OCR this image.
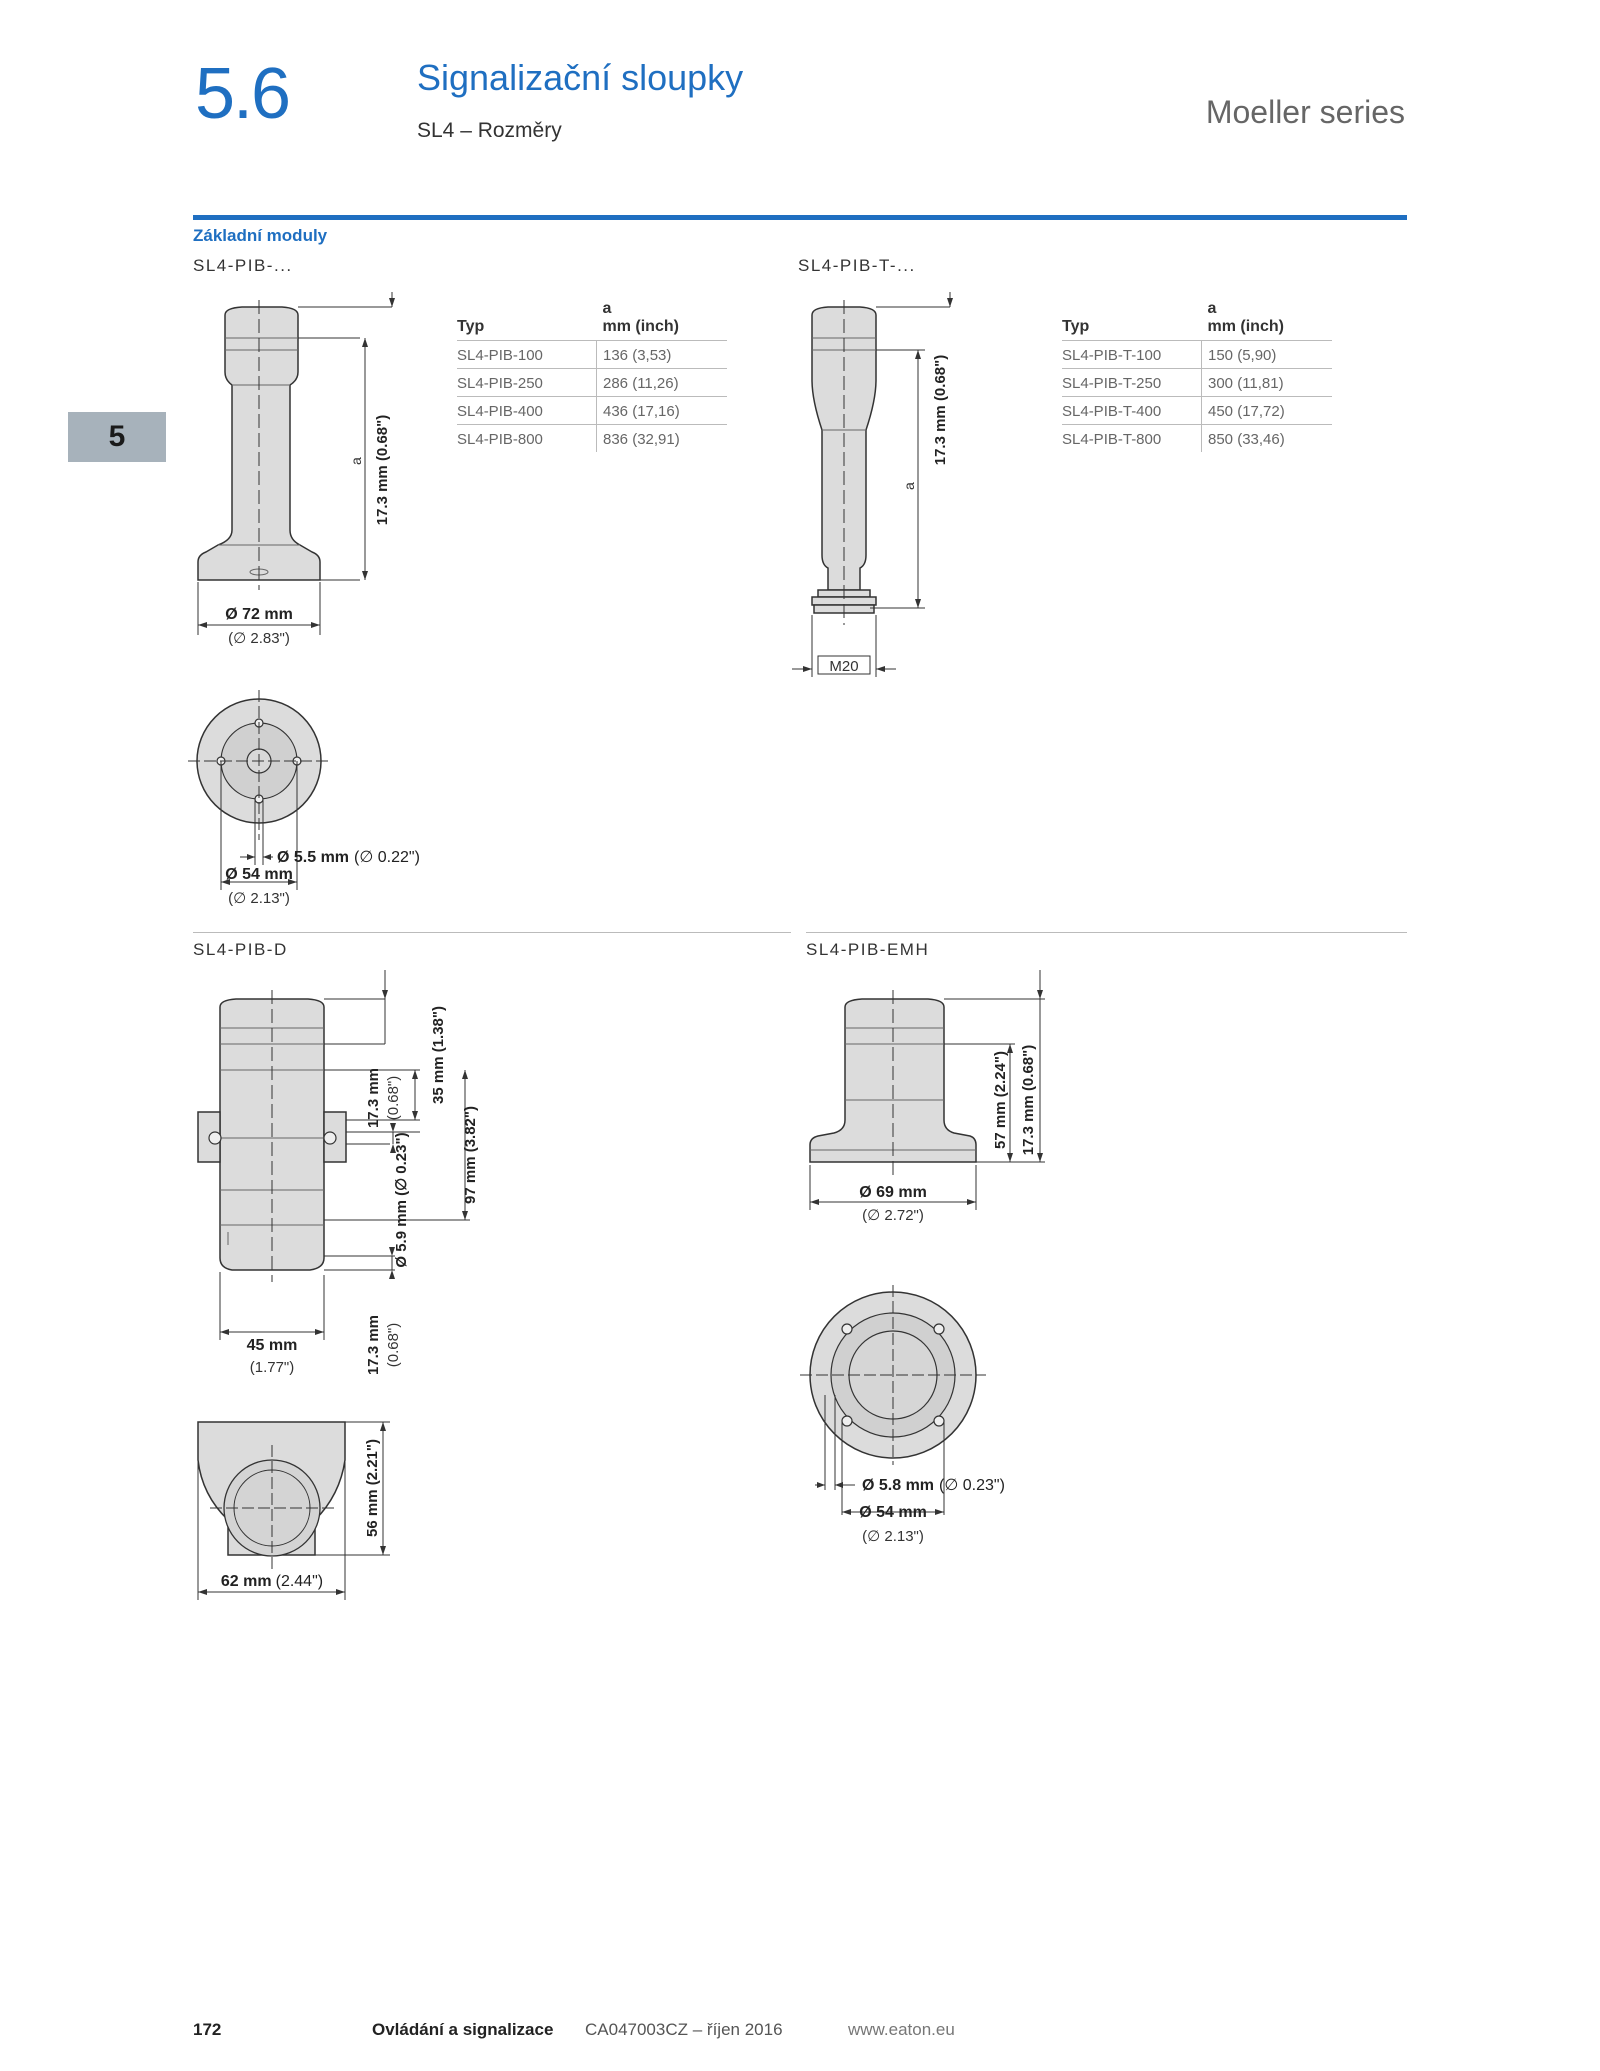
5.6	Signalizační sloupky
SL4 – Rozměry
Moeller series
Základní moduly
5
SL4-PIB-...	SL4-PIB-T-...
SL4-PIB-D	SL4-PIB-EMH
Typ	a
mm (inch)
SL4-PIB-100	136 (3,53)
SL4-PIB-250	286 (11,26)
SL4-PIB-400	436 (17,16)
SL4-PIB-800	836 (32,91)
Typ	a
mm (inch)
SL4-PIB-T-100	150 (5,90)
SL4-PIB-T-250	300 (11,81)
SL4-PIB-T-400	450 (17,72)
SL4-PIB-T-800	850 (33,46)
a 17.3 mm (0.68")
Ø 72 mm
(∅ 2.83")
Ø 5.5 mm (∅ 0.22")
Ø 54 mm
(∅ 2.13")
a
17.3 mm (0.68")
M20
17.3 mm (0.68") 35 mm (1.38")
97 mm (3.82")
Ø 5.9 mm (∅ 0.23")
45 mm
(1.77")	17.3 mm (0.68")
56 mm (2.21")
62 mm (2.44")
57 mm (2.24") 17.3 mm (0.68")
Ø 69 mm
(∅ 2.72")
Ø 5.8 mm (∅ 0.23")
Ø 54 mm
(∅ 2.13")
172	Ovládání a signalizace CA047003CZ – říjen 2016	www.eaton.eu
